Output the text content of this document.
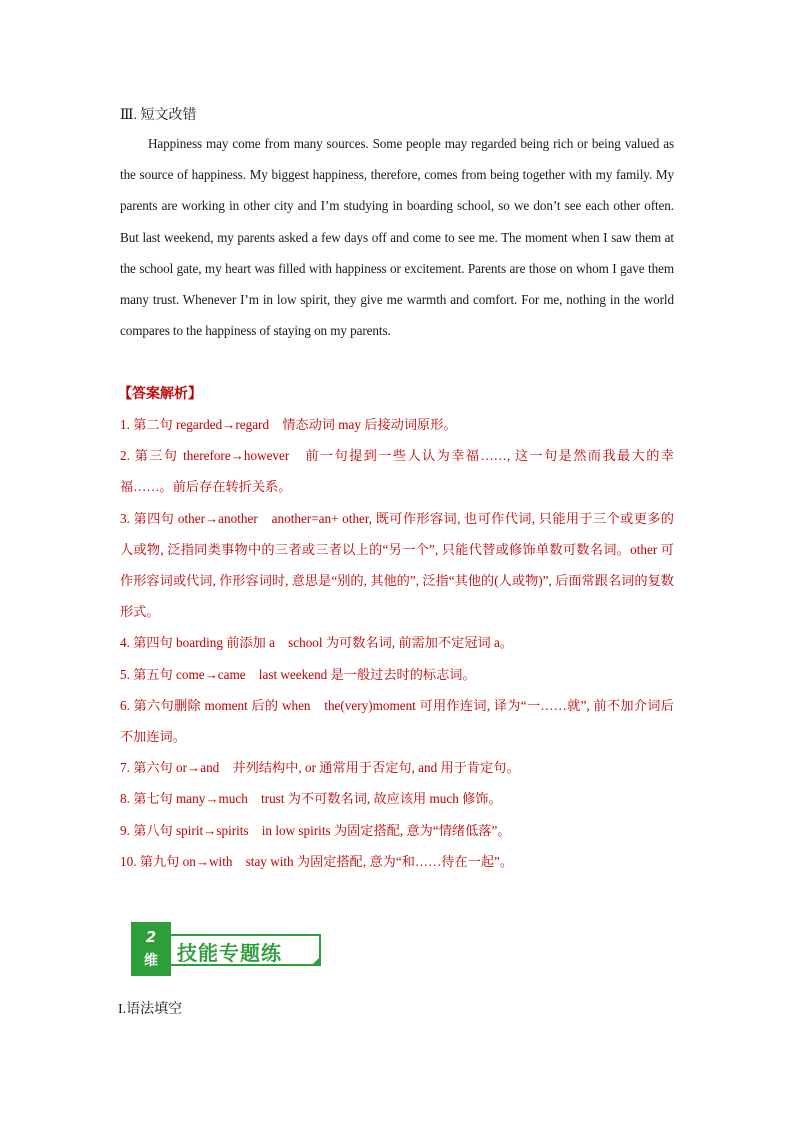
Ⅲ. 短文改错
Happiness may come from many sources. Some people may regarded being rich or being valued as the source of happiness. My biggest happiness, therefore, comes from being together with my family. My parents are working in other city and I’m studying in boarding school, so we don’t see each other often. But last weekend, my parents asked a few days off and come to see me. The moment when I saw them at the school gate, my heart was filled with happiness or excitement. Parents are those on whom I gave them many trust. Whenever I’m in low spirit, they give me warmth and comfort. For me, nothing in the world compares to the happiness of staying on my parents.
【答案解析】
1. 第二句 regarded→regard　情态动词 may 后接动词原形。
2. 第三句 therefore→however　前一句提到一些人认为幸福……, 这一句是然而我最大的幸福……。前后存在转折关系。
3. 第四句 other→another　another=an+ other, 既可作形容词, 也可作代词, 只能用于三个或更多的人或物, 泛指同类事物中的三者或三者以上的“另一个”, 只能代替或修饰单数可数名词。other 可作形容词或代词, 作形容词时, 意思是“别的, 其他的”, 泛指“其他的(人或物)”, 后面常跟名词的复数形式。
4. 第四句 boarding 前添加 a　school 为可数名词, 前需加不定冠词 a。
5. 第五句 come→came　last weekend 是一般过去时的标志词。
6. 第六句删除 moment 后的 when　the(very)moment 可用作连词, 译为“一……就”, 前不加介词后不加连词。
7. 第六句 or→and　并列结构中, or 通常用于否定句, and 用于肯定句。
8. 第七句 many→much　trust 为不可数名词, 故应该用 much 修饰。
9. 第八句 spirit→spirits　in low spirits 为固定搭配, 意为“情绪低落”。
10. 第九句 on→with　stay with 为固定搭配, 意为“和……待在一起”。
2
维 技能专题练
I.语法填空
